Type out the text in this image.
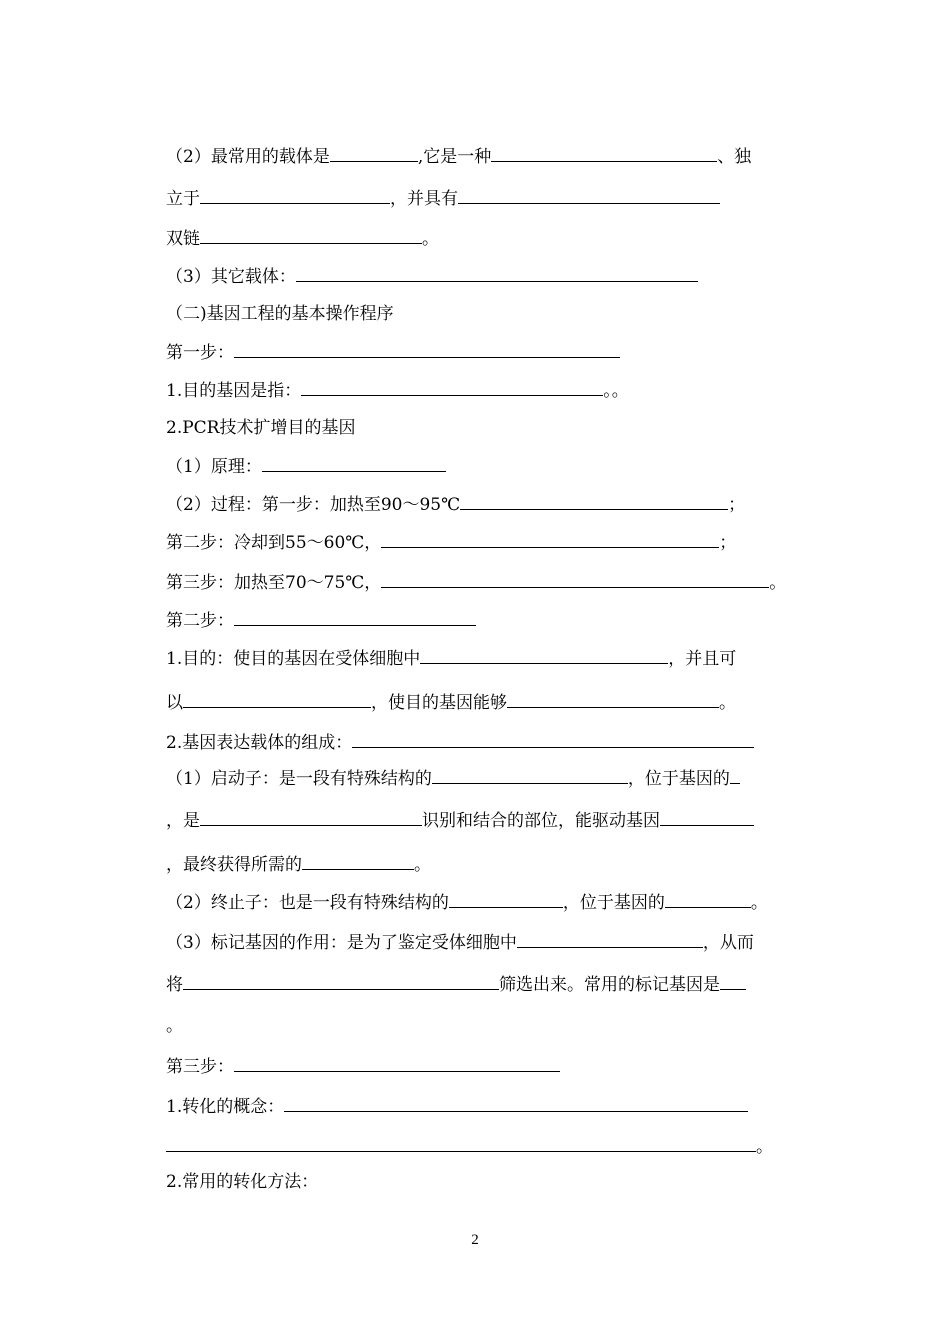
（2）最常用的载体是	,它是一种	、独
立于	，并具有
双链	。
（3）其它载体：
（二)基因工程的基本操作程序
第一步：
1.目的基因是指：	。。
2.PCR技术扩增目的基因
（1）原理：
（2）过程：第一步：加热至90～95℃	；
第二步：冷却到55～60℃，	；
第三步：加热至70～75℃，	。
第二步：
1.目的：使目的基因在受体细胞中	，并且可
以	，使目的基因能够	。
2.基因表达载体的组成：
（1）启动子：是一段有特殊结构的	，位于基因的
，是	识别和结合的部位，能驱动基因
，最终获得所需的	。
（2）终止子：也是一段有特殊结构的	，位于基因的	。
（3）标记基因的作用：是为了鉴定受体细胞中	，从而
将	筛选出来。常用的标记基因是
。
第三步：
1.转化的概念：
。
2.常用的转化方法：
2
